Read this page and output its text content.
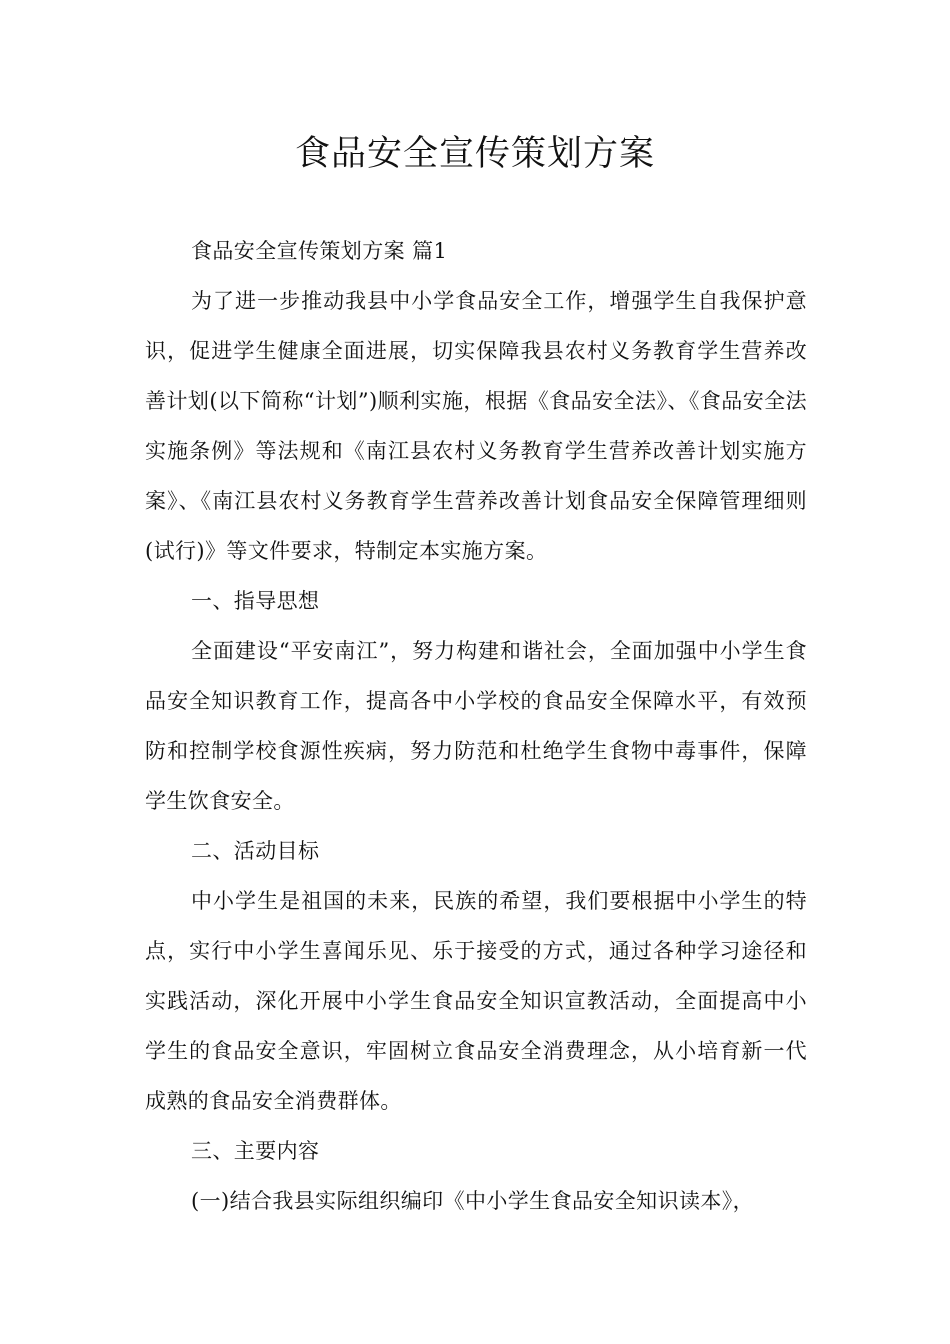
食品安全宣传策划方案

食品安全宣传策划方案 篇1

为了进一步推动我县中小学食品安全工作，增强学生自我保护意识，促进学生健康全面进展，切实保障我县农村义务教育学生营养改善计划(以下简称“计划”)顺利实施，根据《食品安全法》、《食品安全法实施条例》等法规和《南江县农村义务教育学生营养改善计划实施方案》、《南江县农村义务教育学生营养改善计划食品安全保障管理细则(试行)》等文件要求，特制定本实施方案。

一、指导思想

全面建设“平安南江”，努力构建和谐社会，全面加强中小学生食品安全知识教育工作，提高各中小学校的食品安全保障水平，有效预防和控制学校食源性疾病，努力防范和杜绝学生食物中毒事件，保障学生饮食安全。

二、活动目标

中小学生是祖国的未来，民族的希望，我们要根据中小学生的特点，实行中小学生喜闻乐见、乐于接受的方式，通过各种学习途径和实践活动，深化开展中小学生食品安全知识宣教活动，全面提高中小学生的食品安全意识，牢固树立食品安全消费理念，从小培育新一代成熟的食品安全消费群体。

三、主要内容

(一)结合我县实际组织编印《中小学生食品安全知识读本》，
